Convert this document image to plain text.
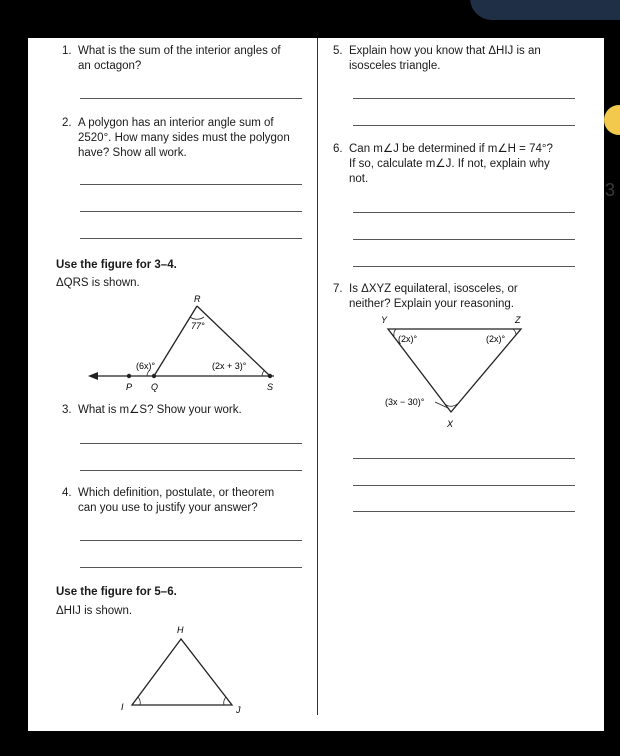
3
1. What is the sum of the interior angles of
an octagon?
2. A polygon has an interior angle sum of
2520°. How many sides must the polygon
have? Show all work.
Use the figure for 3–4.
ΔQRS is shown.
R
77°
(6x)°	(2x + 3)°
P Q	S
3. What is m∠S? Show your work.
4. Which definition, postulate, or theorem
can you use to justify your answer?
Use the figure for 5–6.
ΔHIJ is shown.
H
I	J
5. Explain how you know that ΔHIJ is an
isosceles triangle.
6. Can m∠J be determined if m∠H = 74°?
If so, calculate m∠J. If not, explain why
not.
7. Is ΔXYZ equilateral, isosceles, or
neither? Explain your reasoning.
Y	Z
(2x)°	(2x)°
(3x − 30)°
X
